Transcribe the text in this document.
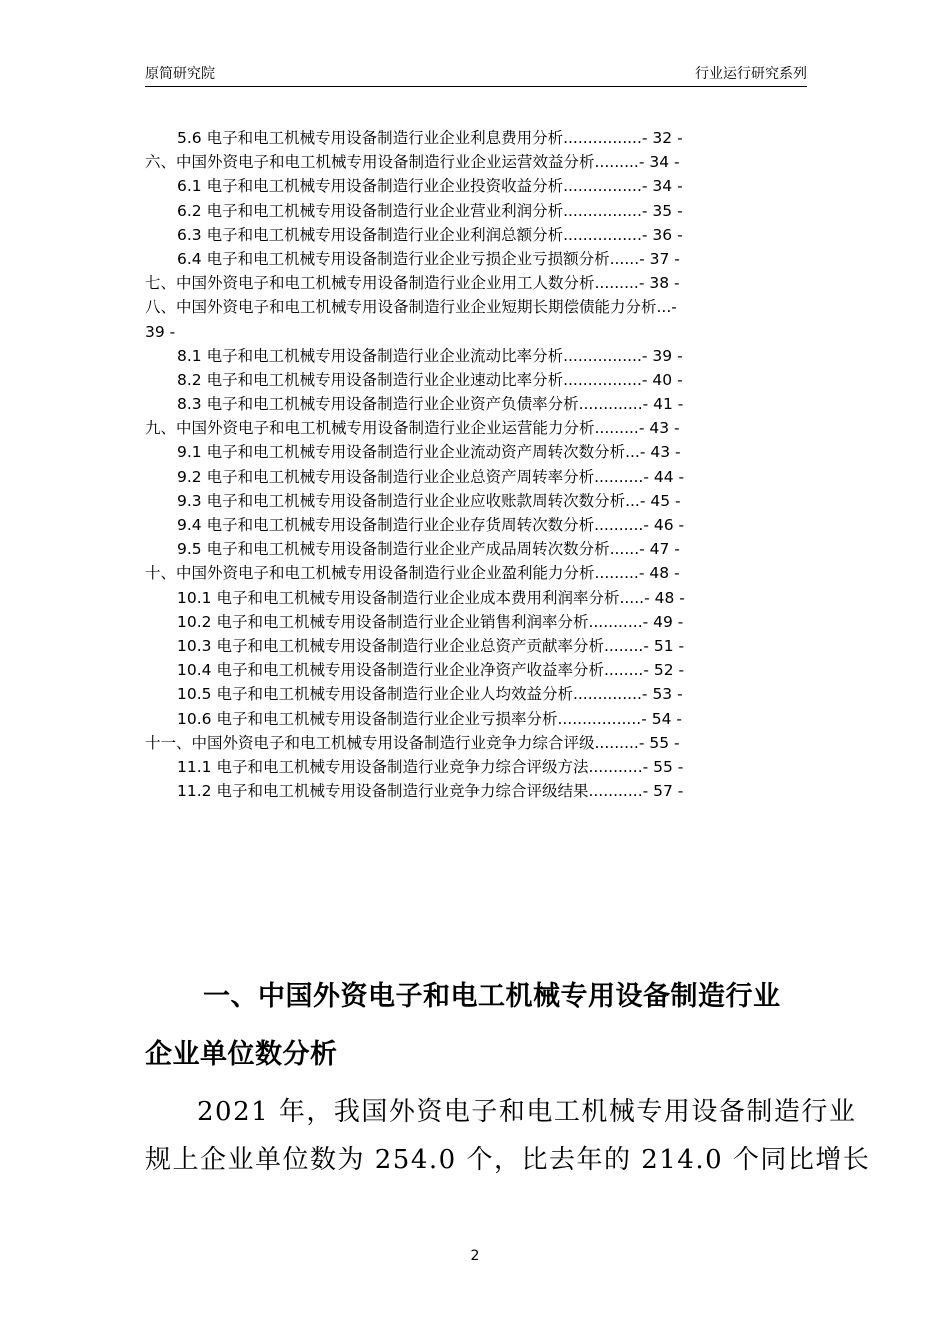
原简研究院	行业运行研究系列
5.6 电子和电工机械专用设备制造行业企业利息费用分析................- 32 -
六、中国外资电子和电工机械专用设备制造行业企业运营效益分析.........- 34 -
6.1 电子和电工机械专用设备制造行业企业投资收益分析................- 34 -
6.2 电子和电工机械专用设备制造行业企业营业利润分析................- 35 -
6.3 电子和电工机械专用设备制造行业企业利润总额分析................- 36 -
6.4 电子和电工机械专用设备制造行业企业亏损企业亏损额分析......- 37 -
七、中国外资电子和电工机械专用设备制造行业企业用工人数分析.........- 38 -
八、中国外资电子和电工机械专用设备制造行业企业短期长期偿债能力分析...-
39 -
8.1 电子和电工机械专用设备制造行业企业流动比率分析................- 39 -
8.2 电子和电工机械专用设备制造行业企业速动比率分析................- 40 -
8.3 电子和电工机械专用设备制造行业企业资产负债率分析.............- 41 -
九、中国外资电子和电工机械专用设备制造行业企业运营能力分析.........- 43 -
9.1 电子和电工机械专用设备制造行业企业流动资产周转次数分析...- 43 -
9.2 电子和电工机械专用设备制造行业企业总资产周转率分析..........- 44 -
9.3 电子和电工机械专用设备制造行业企业应收账款周转次数分析...- 45 -
9.4 电子和电工机械专用设备制造行业企业存货周转次数分析..........- 46 -
9.5 电子和电工机械专用设备制造行业企业产成品周转次数分析......- 47 -
十、中国外资电子和电工机械专用设备制造行业企业盈利能力分析.........- 48 -
10.1 电子和电工机械专用设备制造行业企业成本费用利润率分析.....- 48 -
10.2 电子和电工机械专用设备制造行业企业销售利润率分析...........- 49 -
10.3 电子和电工机械专用设备制造行业企业总资产贡献率分析........- 51 -
10.4 电子和电工机械专用设备制造行业企业净资产收益率分析........- 52 -
10.5 电子和电工机械专用设备制造行业企业人均效益分析..............- 53 -
10.6 电子和电工机械专用设备制造行业企业亏损率分析.................- 54 -
十一、中国外资电子和电工机械专用设备制造行业竞争力综合评级.........- 55 -
11.1 电子和电工机械专用设备制造行业竞争力综合评级方法...........- 55 -
11.2 电子和电工机械专用设备制造行业竞争力综合评级结果...........- 57 -
一、中国外资电子和电工机械专用设备制造行业
企业单位数分析
2021 年，我国外资电子和电工机械专用设备制造行业
规上企业单位数为 254.0 个，比去年的 214.0 个同比增长
2
